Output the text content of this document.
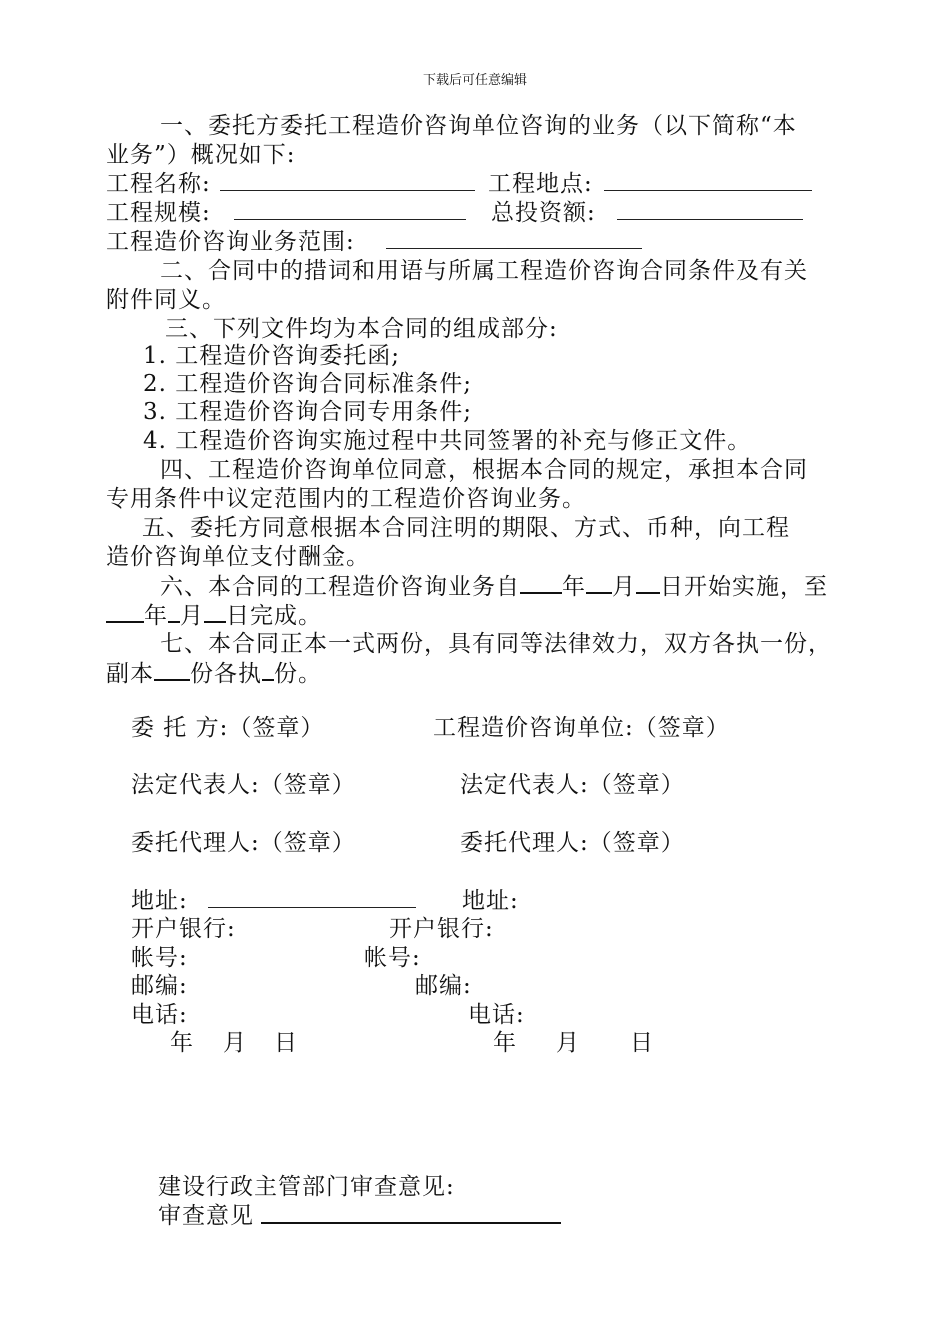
下载后可任意编辑
一、委托方委托工程造价咨询单位咨询的业务（以下简称“本
业务”）概况如下:
工程名称:	工程地点:
工程规模:	总投资额:
工程造价咨询业务范围:
二、合同中的措词和用语与所属工程造价咨询合同条件及有关
附件同义。
三、下列文件均为本合同的组成部分:
1. 工程造价咨询委托函;
2. 工程造价咨询合同标准条件;
3. 工程造价咨询合同专用条件;
4. 工程造价咨询实施过程中共同签署的补充与修正文件。
四、工程造价咨询单位同意，根据本合同的规定，承担本合同
专用条件中议定范围内的工程造价咨询业务。
五、委托方同意根据本合同注明的期限、方式、币种，向工程
造价咨询单位支付酬金。
六、本合同的工程造价咨询业务自 年 月 日开始实施，至
年 月 日完成。
七、本合同正本一式两份，具有同等法律效力，双方各执一份，
副本 份各执 份。
委 托 方:（签章）	工程造价咨询单位:（签章）
法定代表人:（签章）	法定代表人:（签章）
委托代理人:（签章）	委托代理人:（签章）
地址:	地址:
开户银行:	开户银行:
帐号:	帐号:
邮编:	邮编:
电话:	电话:
年 月 日	年 月 日
建设行政主管部门审查意见:
审查意见
